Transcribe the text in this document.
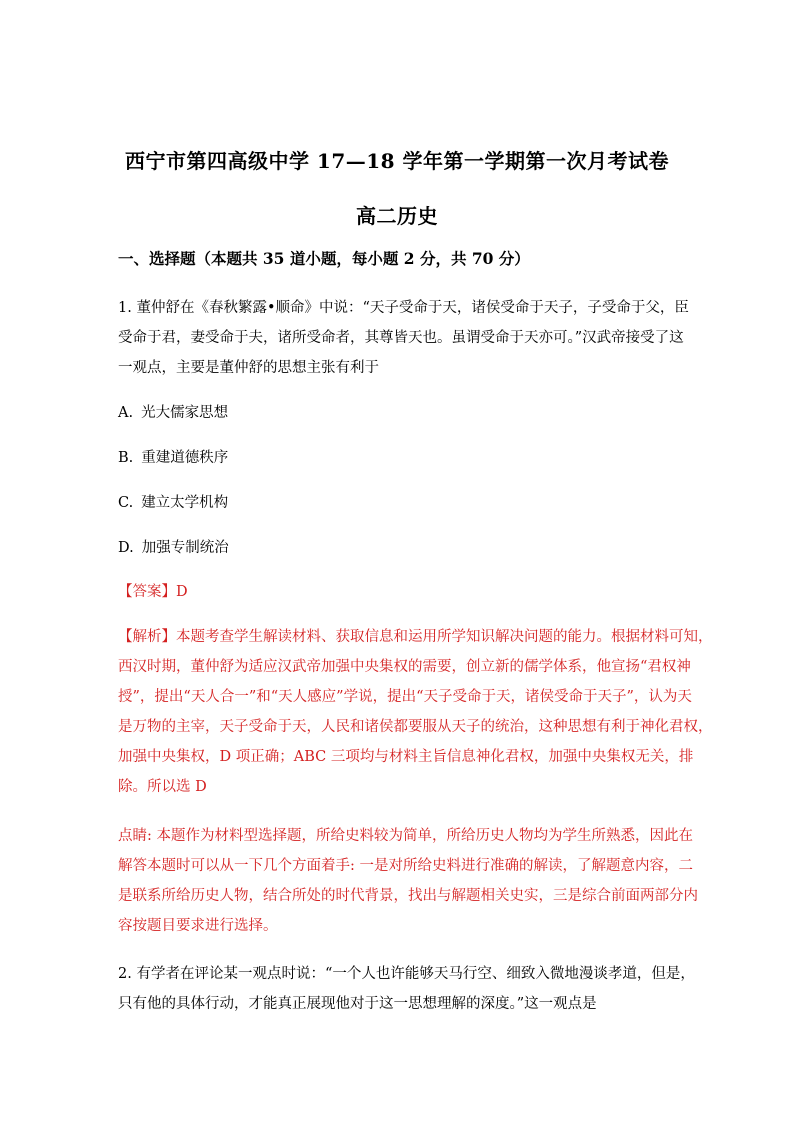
西宁市第四高级中学 17—18 学年第一学期第一次月考试卷
高二历史
一、选择题（本题共 35 道小题，每小题 2 分，共 70 分）
1. 董仲舒在《春秋繁露•顺命》中说：“天子受命于天，诸侯受命于天子，子受命于父，臣
受命于君，妻受命于夫，诸所受命者，其尊皆天也。虽谓受命于天亦可。”汉武帝接受了这
一观点，主要是董仲舒的思想主张有利于
A. 光大儒家思想
B. 重建道德秩序
C. 建立太学机构
D. 加强专制统治
【答案】D
【解析】本题考查学生解读材料、获取信息和运用所学知识解决问题的能力。根据材料可知，
西汉时期，董仲舒为适应汉武帝加强中央集权的需要，创立新的儒学体系，他宣扬“君权神
授”，提出“天人合一”和“天人感应”学说，提出“天子受命于天，诸侯受命于天子”，认为天
是万物的主宰，天子受命于天，人民和诸侯都要服从天子的统治，这种思想有利于神化君权，
加强中央集权，D 项正确；ABC 三项均与材料主旨信息神化君权，加强中央集权无关，排
除。所以选 D
点睛: 本题作为材料型选择题，所给史料较为简单，所给历史人物均为学生所熟悉，因此在
解答本题时可以从一下几个方面着手: 一是对所给史料进行准确的解读，了解题意内容，二
是联系所给历史人物，结合所处的时代背景，找出与解题相关史实，三是综合前面两部分内
容按题目要求进行选择。
2. 有学者在评论某一观点时说：“一个人也许能够天马行空、细致入微地漫谈孝道，但是，
只有他的具体行动，才能真正展现他对于这一思想理解的深度。”这一观点是
